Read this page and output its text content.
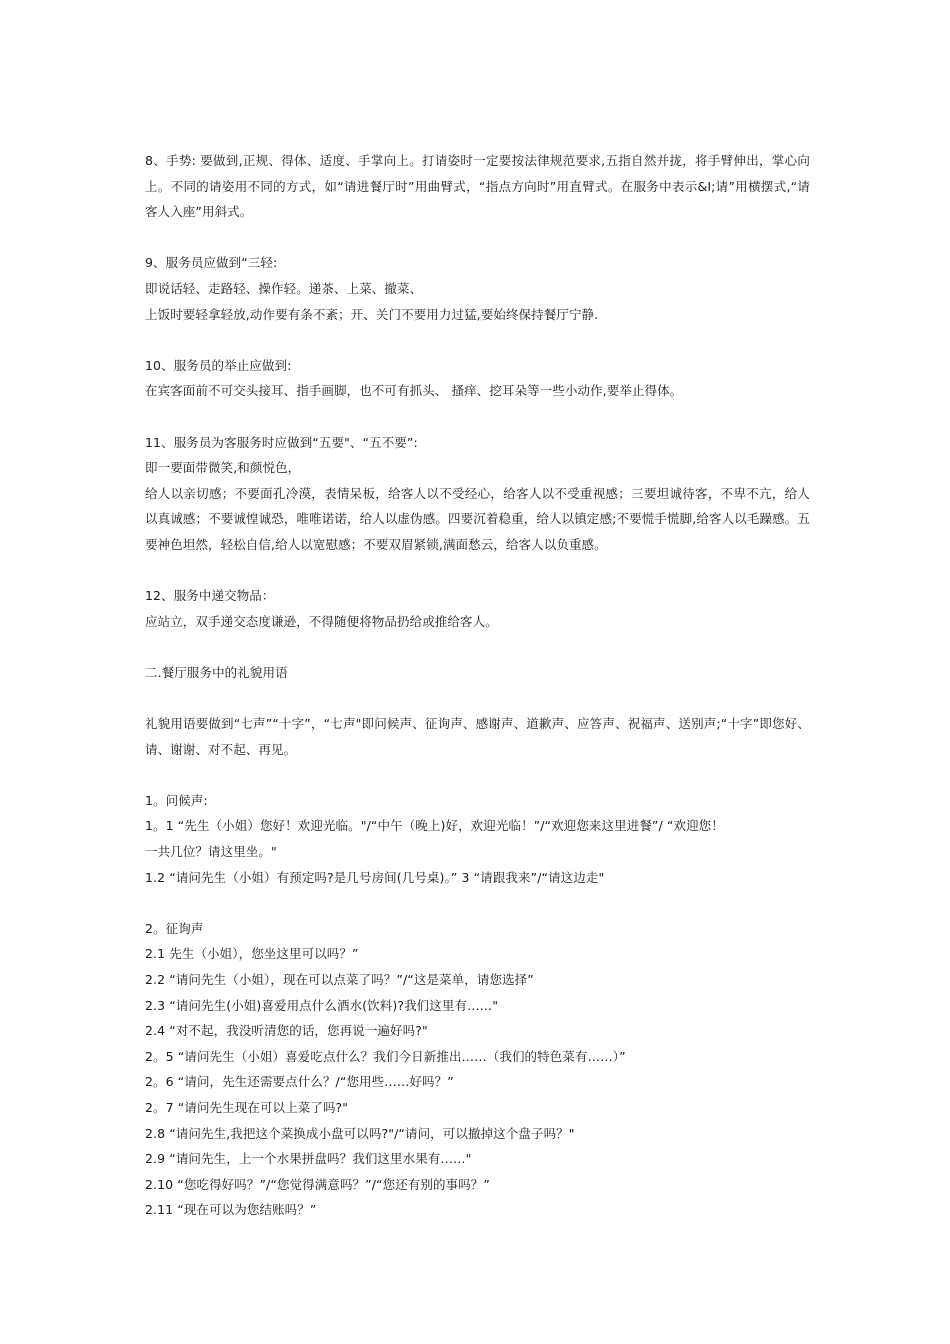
8、手势: 要做到,正规、得体、适度、手掌向上。打请姿时一定要按法律规范要求,五指自然并拢，将手臂伸出，掌心向上。不同的请姿用不同的方式，如“请进餐厅时”用曲臂式，“指点方向时”用直臂式。在服务中表示&I;请”用横摆式,“请客人入座”用斜式。
9、服务员应做到“三轻:
即说话轻、走路轻、操作轻。递茶、上菜、撤菜、
上饭时要轻拿轻放,动作要有条不紊；开、关门不要用力过猛,要始终保持餐厅宁静.
10、服务员的举止应做到:
在宾客面前不可交头接耳、指手画脚，也不可有抓头、 搔痒、挖耳朵等一些小动作,要举止得体。
11、服务员为客服务时应做到“五要"、“五不要”:
即一要面带微笑,和颜悦色，
给人以亲切感；不要面孔冷漠，表情呆板，给客人以不受经心，给客人以不受重视感；三要坦诚待客，不卑不亢，给人以真诚感；不要诚惶诚恐，唯唯诺诺，给人以虚伪感。四要沉着稳重，给人以镇定感;不要慌手慌脚,给客人以毛躁感。五要神色坦然，轻松自信,给人以宽慰感；不要双眉紧锁,满面愁云，给客人以负重感。
12、服务中递交物品：
应站立，双手递交态度谦逊，不得随便将物品扔给或推给客人。
二.餐厅服务中的礼貌用语
礼貌用语要做到“七声”“十字”，“七声"即问候声、征询声、感谢声、道歉声、应答声、祝福声、送别声;“十字”即您好、请、谢谢、对不起、再见。
1。问候声:
1。1 “先生（小姐）您好！欢迎光临。"/“中午（晚上)好，欢迎光临！”/“欢迎您来这里进餐”/ “欢迎您！
一共几位？请这里坐。"
1.2 “请问先生（小姐）有预定吗?是几号房间(几号桌)。” 3 “请跟我来”/“请这边走"
2。征询声
2.1 先生（小姐），您坐这里可以吗？”
2.2 “请问先生（小姐），现在可以点菜了吗？”/“这是菜单，请您选择”
2.3 “请问先生(小姐)喜爱用点什么酒水(饮料)?我们这里有……"
2.4 “对不起，我没听清您的话，您再说一遍好吗?"
2。5 “请问先生（小姐）喜爱吃点什么？我们今日新推出……（我们的特色菜有……）”
2。6 “请问，先生还需要点什么？/“您用些……好吗？”
2。7 “请问先生现在可以上菜了吗?"
2.8 “请问先生,我把这个菜换成小盘可以吗?"/“请问，可以撤掉这个盘子吗？"
2.9 “请问先生，上一个水果拼盘吗？我们这里水果有……"
2.10 “您吃得好吗？”/“您觉得满意吗？”/“您还有别的事吗？”
2.11 “现在可以为您结账吗？”
